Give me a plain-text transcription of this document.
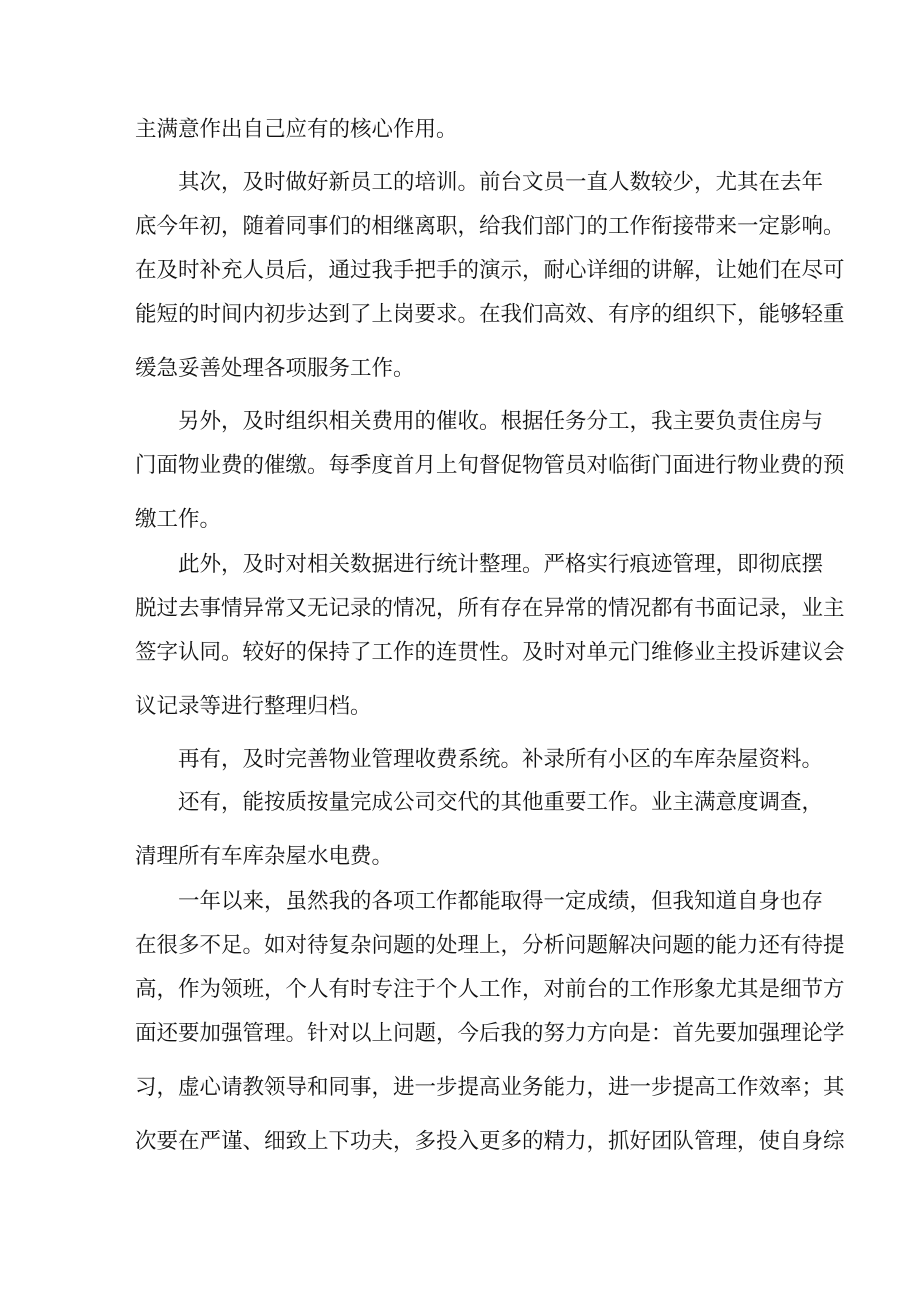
主满意作出自己应有的核心作用。
其次，及时做好新员工的培训。前台文员一直人数较少，尤其在去年
底今年初，随着同事们的相继离职，给我们部门的工作衔接带来一定影响。
在及时补充人员后，通过我手把手的演示，耐心详细的讲解，让她们在尽可
能短的时间内初步达到了上岗要求。在我们高效、有序的组织下，能够轻重
缓急妥善处理各项服务工作。
另外，及时组织相关费用的催收。根据任务分工，我主要负责住房与
门面物业费的催缴。每季度首月上旬督促物管员对临街门面进行物业费的预
缴工作。
此外，及时对相关数据进行统计整理。严格实行痕迹管理，即彻底摆
脱过去事情异常又无记录的情况，所有存在异常的情况都有书面记录，业主
签字认同。较好的保持了工作的连贯性。及时对单元门维修业主投诉建议会
议记录等进行整理归档。
再有，及时完善物业管理收费系统。补录所有小区的车库杂屋资料。
还有，能按质按量完成公司交代的其他重要工作。业主满意度调查，
清理所有车库杂屋水电费。
一年以来，虽然我的各项工作都能取得一定成绩，但我知道自身也存
在很多不足。如对待复杂问题的处理上，分析问题解决问题的能力还有待提
高，作为领班，个人有时专注于个人工作，对前台的工作形象尤其是细节方
面还要加强管理。针对以上问题，今后我的努力方向是：首先要加强理论学
习，虚心请教领导和同事，进一步提高业务能力，进一步提高工作效率；其
次要在严谨、细致上下功夫，多投入更多的精力，抓好团队管理，使自身综
